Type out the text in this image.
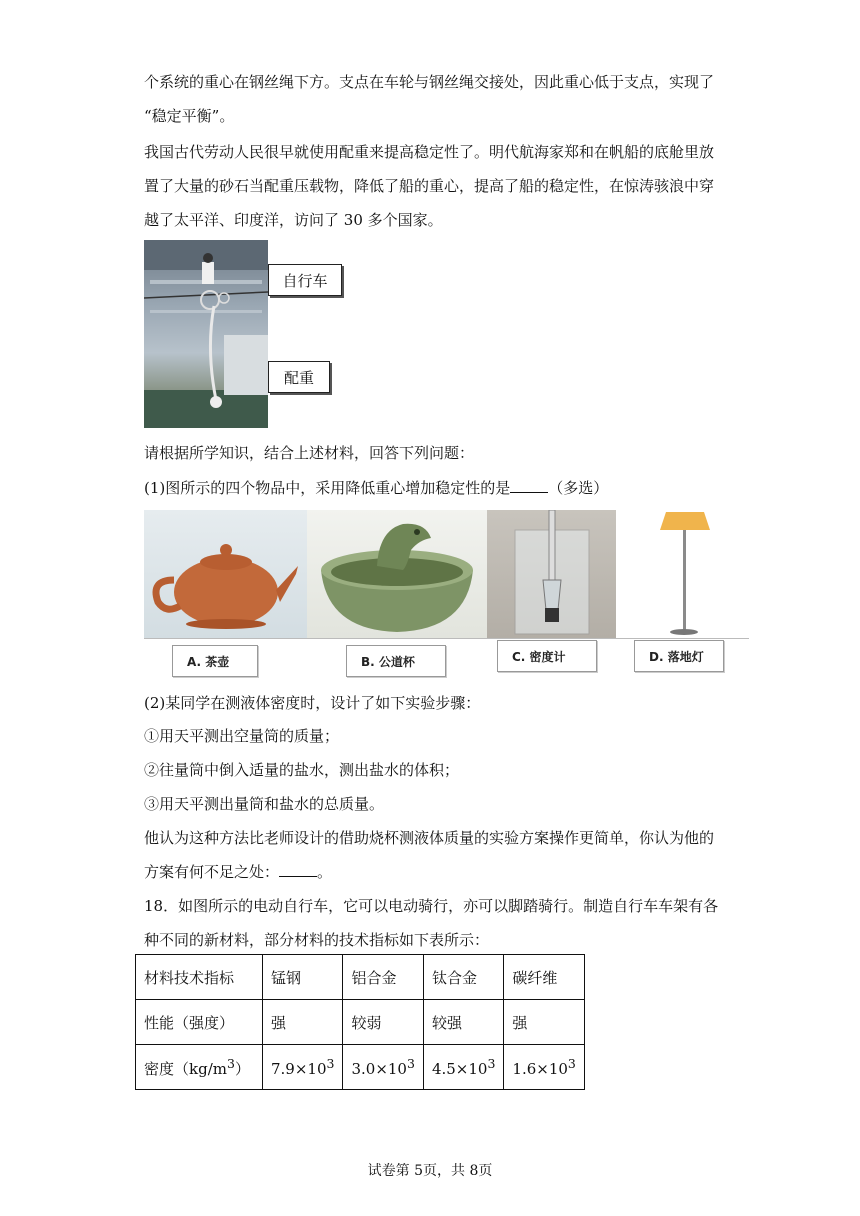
个系统的重心在钢丝绳下方。支点在车轮与钢丝绳交接处，因此重心低于支点，实现了
“稳定平衡”。
我国古代劳动人民很早就使用配重来提高稳定性了。明代航海家郑和在帆船的底舱里放
置了大量的砂石当配重压载物，降低了船的重心，提高了船的稳定性，在惊涛骇浪中穿
越了太平洋、印度洋，访问了 30 多个国家。
自行车
配重
请根据所学知识，结合上述材料，回答下列问题：
(1)图所示的四个物品中，采用降低重心增加稳定性的是	（多选）
A. 茶壶	B. 公道杯	C. 密度计	D. 落地灯
(2)某同学在测液体密度时，设计了如下实验步骤：
①用天平测出空量筒的质量；
②往量筒中倒入适量的盐水，测出盐水的体积；
③用天平测出量筒和盐水的总质量。
他认为这种方法比老师设计的借助烧杯测液体质量的实验方案操作更简单，你认为他的
方案有何不足之处：	。
18．如图所示的电动自行车，它可以电动骑行，亦可以脚踏骑行。制造自行车车架有各
种不同的新材料，部分材料的技术指标如下表所示：
材料技术指标	锰钢	铝合金	钛合金	碳纤维
性能（强度）	强	较弱	较强	强
密度$(kg/m^3)$	$7.9\times 10^3$	$3.0\times 10^3$	$4.5\times 10^3$	$1.6\times 10^3$
试卷第 5页，共 8页
